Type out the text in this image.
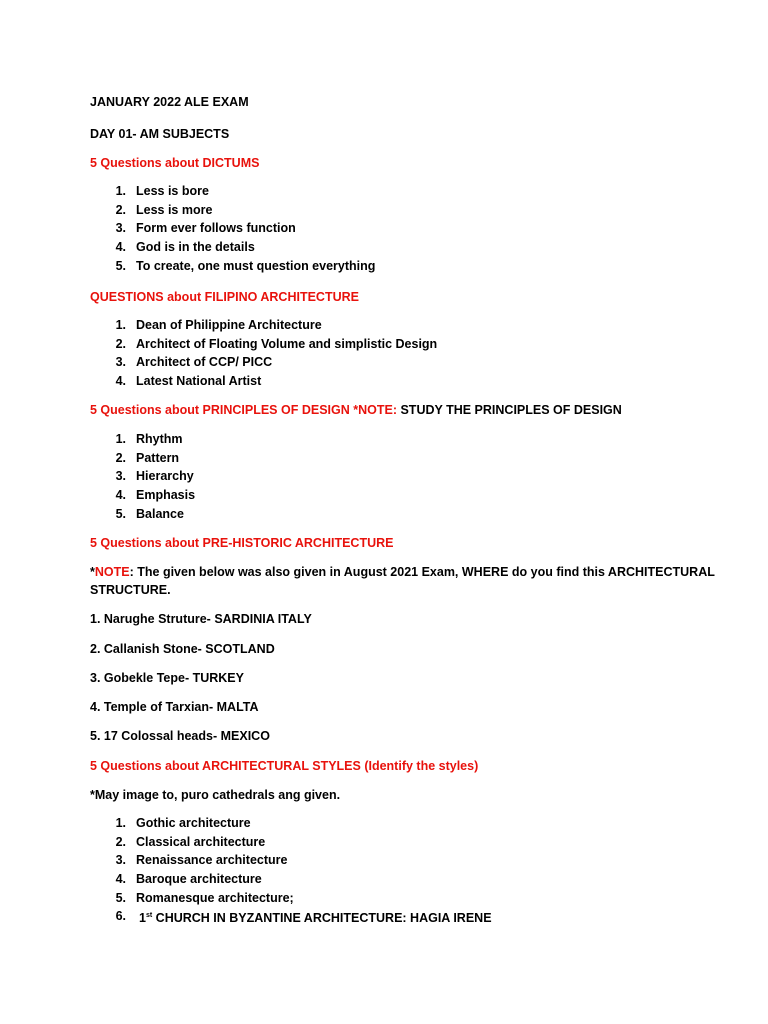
JANUARY 2022 ALE EXAM
DAY 01- AM SUBJECTS
5 Questions about DICTUMS
1. Less is bore
2. Less is more
3. Form ever follows function
4. God is in the details
5. To create, one must question everything
QUESTIONS about FILIPINO ARCHITECTURE
1. Dean of Philippine Architecture
2. Architect of Floating Volume and simplistic Design
3. Architect of CCP/ PICC
4. Latest National Artist
5 Questions about PRINCIPLES OF DESIGN *NOTE: STUDY THE PRINCIPLES OF DESIGN
1. Rhythm
2. Pattern
3. Hierarchy
4. Emphasis
5. Balance
5 Questions about PRE-HISTORIC ARCHITECTURE
*NOTE: The given below was also given in August 2021 Exam, WHERE do you find this ARCHITECTURAL
STRUCTURE.
1. Narughe Struture- SARDINIA ITALY
2. Callanish Stone- SCOTLAND
3. Gobekle Tepe- TURKEY
4. Temple of Tarxian- MALTA
5. 17 Colossal heads- MEXICO
5 Questions about ARCHITECTURAL STYLES (Identify the styles)
*May image to, puro cathedrals ang given.
1. Gothic architecture
2. Classical architecture
3. Renaissance architecture
4. Baroque architecture
5. Romanesque architecture;
6. 1st CHURCH IN BYZANTINE ARCHITECTURE: HAGIA IRENE
